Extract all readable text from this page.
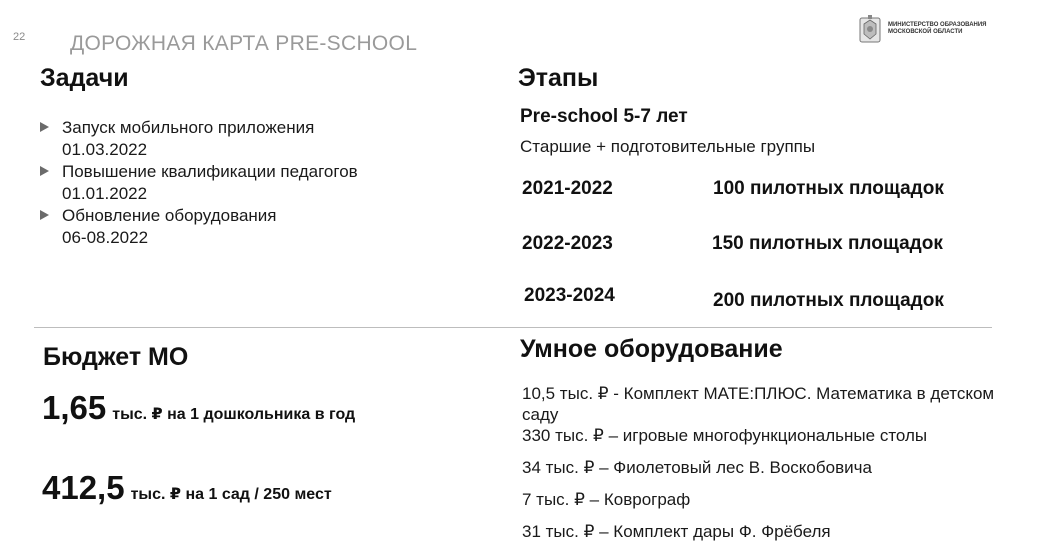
22 ДОРОЖНАЯ КАРТА PRE-SCHOOL
МИНИСТЕРСТВО ОБРАЗОВАНИЯ
МОСКОВСКОЙ ОБЛАСТИ
Задачи
Запуск мобильного приложения
01.03.2022
Повышение квалификации педагогов
01.01.2022
Обновление оборудования
06-08.2022
Этапы
Pre-school 5-7 лет
Старшие + подготовительные группы
2021-2022	100 пилотных площадок
2022-2023	150 пилотных площадок
2023-2024	200 пилотных площадок
Бюджет МО
1,65 тыс. ₽ на 1 дошкольника в год
412,5 тыс. ₽ на 1 сад / 250 мест
Умное оборудование
10,5 тыс. ₽ - Комплект МАТЕ:ПЛЮС. Математика в детском саду
330 тыс. ₽ – игровые многофункциональные столы
34 тыс. ₽ – Фиолетовый лес В. Воскобовича
7 тыс. ₽ – Коврограф
31 тыс. ₽ – Комплект дары Ф. Фрёбеля
